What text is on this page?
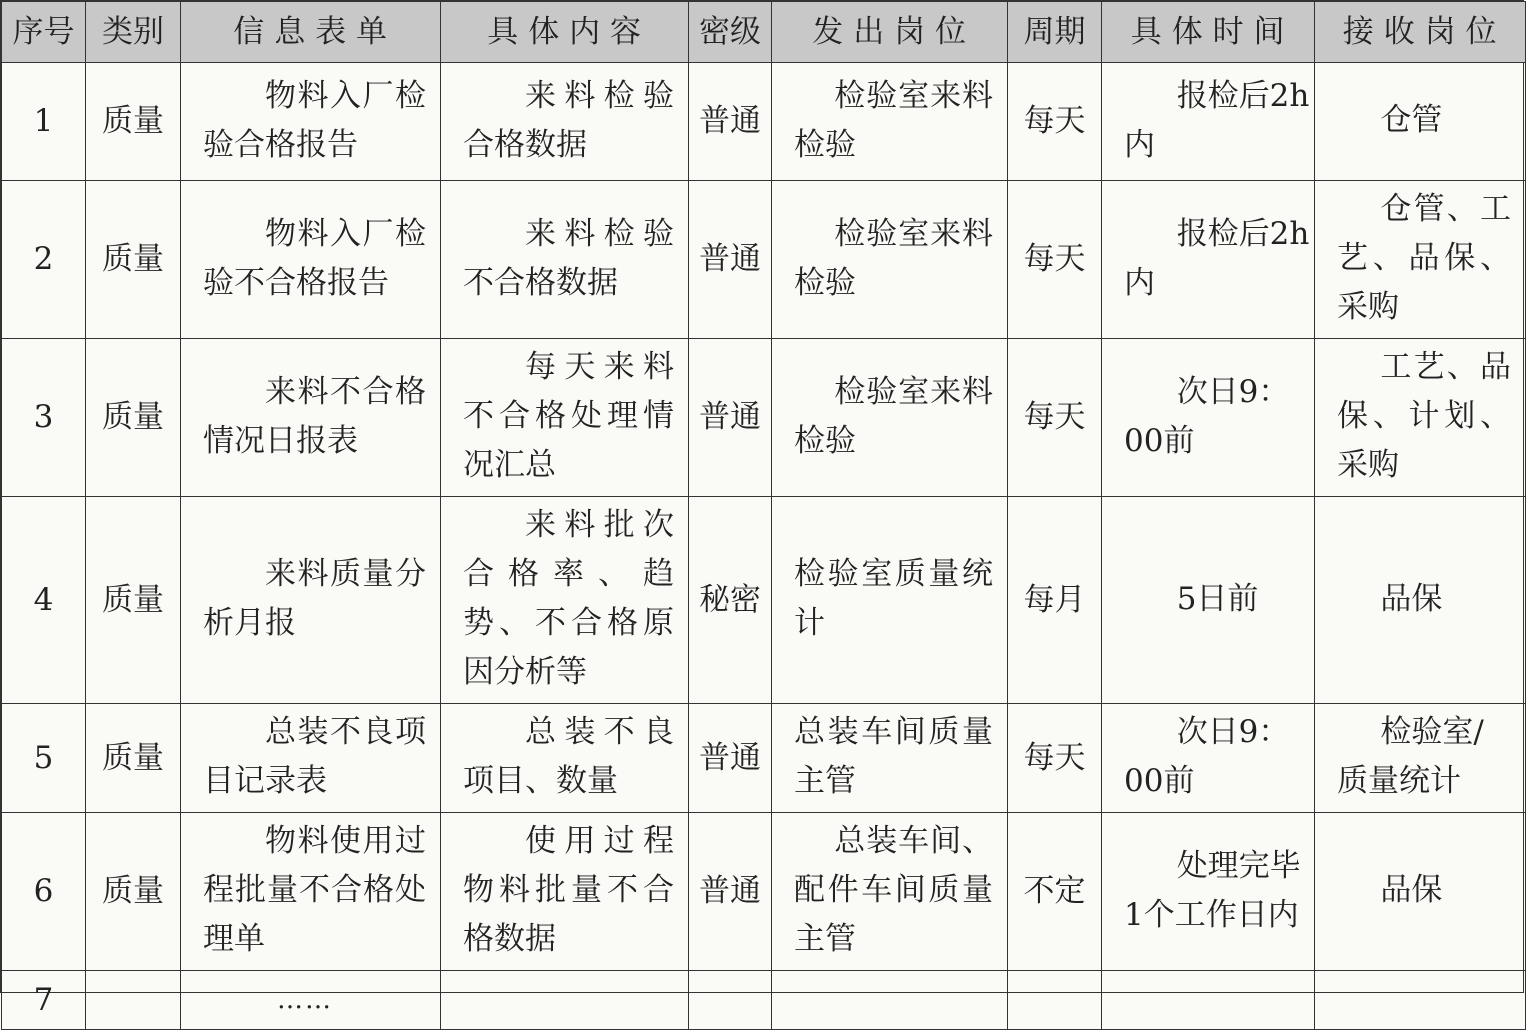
序号	类别	信息表单	具体内容	密级	发出岗位	周期	具体时间	接收岗位
1	质量	物料入厂检验合格报告	来料检验合格数据	普通	检验室来料检验	每天	报检后2h内	仓管

2	质量	物料入厂检验不合格报告	来料检验不合格数据	普通	检验室来料检验	每天	报检后2h内	仓管、工艺、品保、采购

3	质量	来料不合格情况日报表	每天来料不合格处理情况汇总	普通	检验室来料检验	每天	次日9：00前	工艺、品保、计划、采购

4	质量	来料质量分析月报	来料批次合格率、趋势、不合格原因分析等	秘密	检验室质量统计	每月	5日前	品保

5	质量	总装不良项目记录表	总装不良项目、数量	普通	总装车间质量主管	每天	次日9：00前	检验室/质量统计

6	质量	物料使用过程批量不合格处理单	使用过程物料批量不合格数据	普通	总装车间、配件车间质量主管	不定	处理完毕1个工作日内	品保

7		……						
